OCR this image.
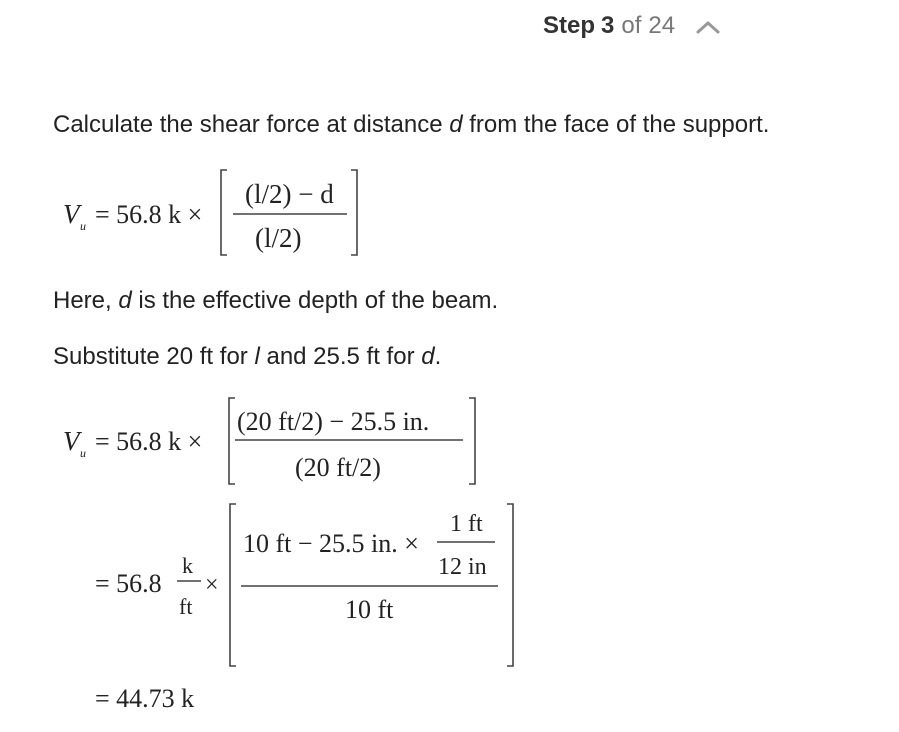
Step 3 of 24

Calculate the shear force at distance d from the face of the support.

V u = 56.8 k ×
(l/2) − d
(l/2)

Here, d is the effective depth of the beam.

Substitute 20 ft for l and 25.5 ft for d.

V u = 56.8 k ×
(20 ft/2) − 25.5 in.
(20 ft/2)
= 56.8
k
ft
×
10 ft − 25.5 in. ×
1 ft
12 in
10 ft
= 44.73 k
